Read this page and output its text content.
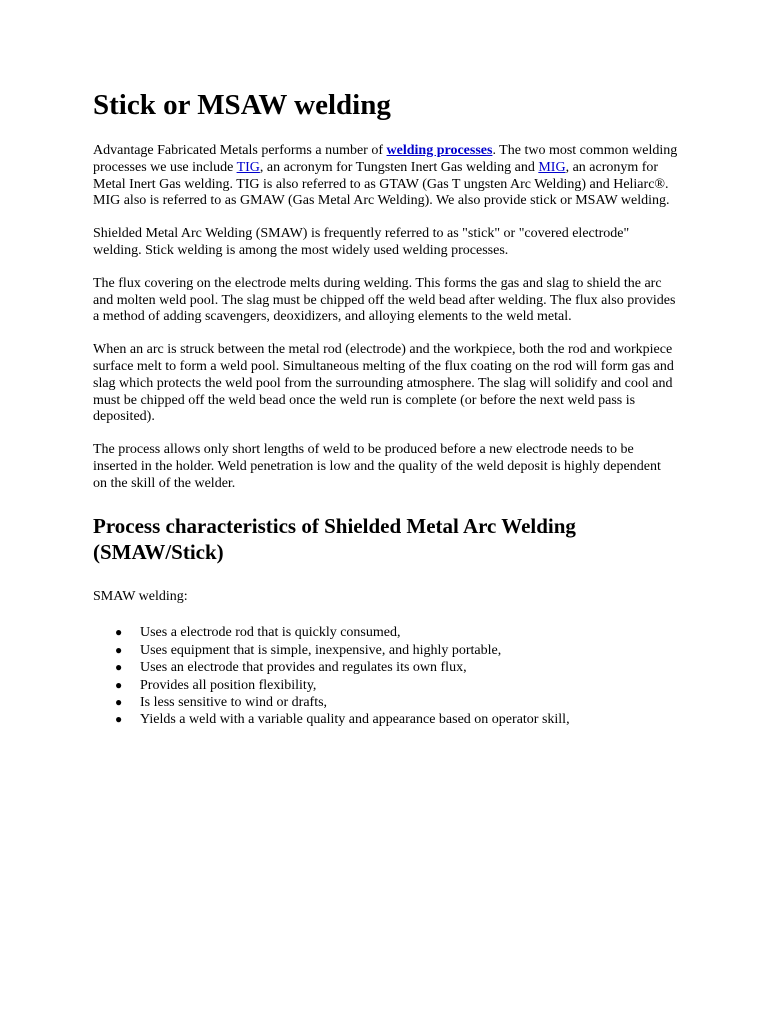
Stick or MSAW welding

Advantage Fabricated Metals performs a number of welding processes. The two most common welding processes we use include TIG, an acronym for Tungsten Inert Gas welding and MIG, an acronym for Metal Inert Gas welding. TIG is also referred to as GTAW (Gas T ungsten Arc Welding) and Heliarc®. MIG also is referred to as GMAW (Gas Metal Arc Welding). We also provide stick or MSAW welding.

Shielded Metal Arc Welding (SMAW) is frequently referred to as "stick" or "covered electrode" welding. Stick welding is among the most widely used welding processes.

The flux covering on the electrode melts during welding. This forms the gas and slag to shield the arc and molten weld pool. The slag must be chipped off the weld bead after welding. The flux also provides a method of adding scavengers, deoxidizers, and alloying elements to the weld metal.

When an arc is struck between the metal rod (electrode) and the workpiece, both the rod and workpiece surface melt to form a weld pool. Simultaneous melting of the flux coating on the rod will form gas and slag which protects the weld pool from the surrounding atmosphere. The slag will solidify and cool and must be chipped off the weld bead once the weld run is complete (or before the next weld pass is deposited).

The process allows only short lengths of weld to be produced before a new electrode needs to be inserted in the holder. Weld penetration is low and the quality of the weld deposit is highly dependent on the skill of the welder.

Process characteristics of Shielded Metal Arc Welding (SMAW/Stick)

SMAW welding:

● Uses a electrode rod that is quickly consumed,
● Uses equipment that is simple, inexpensive, and highly portable,
● Uses an electrode that provides and regulates its own flux,
● Provides all position flexibility,
● Is less sensitive to wind or drafts,
● Yields a weld with a variable quality and appearance based on operator skill,
